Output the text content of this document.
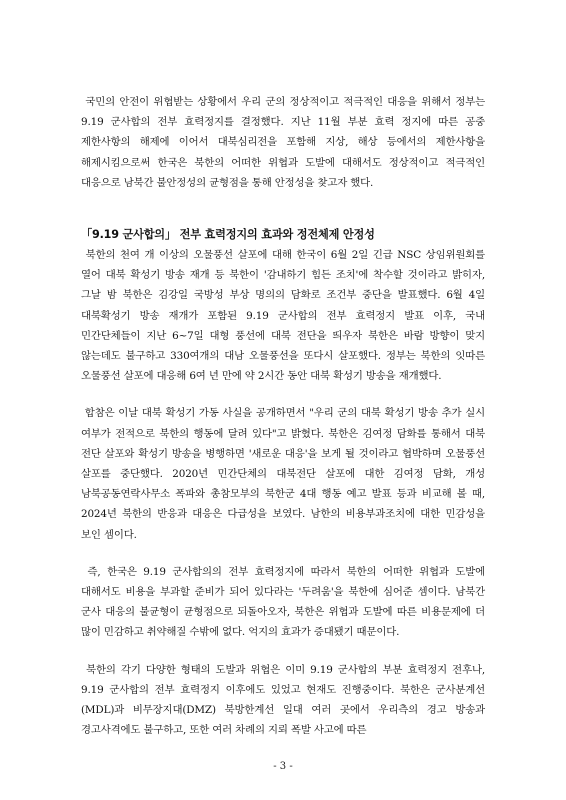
국민의 안전이 위협받는 상황에서 우리 군의 정상적이고 적극적인 대응을 위해서 정부는 9.19 군사합의 전부 효력정지를 결정했다. 지난 11월 부분 효력 정지에 따른 공중 제한사항의 해제에 이어서 대북심리전을 포함해 지상, 해상 등에서의 제한사항을 해제시킴으로써 한국은 북한의 어떠한 위협과 도발에 대해서도 정상적이고 적극적인 대응으로 남북간 불안정성의 균형점을 통해 안정성을 찾고자 했다.

「9.19 군사합의」 전부 효력정지의 효과와 정전체제 안정성

북한의 천여 개 이상의 오물풍선 살포에 대해 한국이 6월 2일 긴급 NSC 상임위원회를 열어 대북 확성기 방송 재개 등 북한이 '감내하기 힘든 조치'에 착수할 것이라고 밝히자, 그날 밤 북한은 김강일 국방성 부상 명의의 담화로 조건부 중단을 발표했다. 6월 4일 대북확성기 방송 재개가 포함된 9.19 군사합의 전부 효력정지 발표 이후, 국내 민간단체들이 지난 6~7일 대형 풍선에 대북 전단을 띄우자 북한은 바람 방향이 맞지 않는데도 불구하고 330여개의 대남 오물풍선을 또다시 살포했다. 정부는 북한의 잇따른 오물풍선 살포에 대응해 6여 년 만에 약 2시간 동안 대북 확성기 방송을 재개했다.

합참은 이날 대북 확성기 가동 사실을 공개하면서 "우리 군의 대북 확성기 방송 추가 실시 여부가 전적으로 북한의 행동에 달려 있다"고 밝혔다. 북한은 김여정 담화를 통해서 대북 전단 살포와 확성기 방송을 병행하면 '새로운 대응'을 보게 될 것이라고 협박하며 오물풍선 살포를 중단했다. 2020년 민간단체의 대북전단 살포에 대한 김여정 담화, 개성 남북공동연락사무소 폭파와 총참모부의 북한군 4대 행동 예고 발표 등과 비교해 볼 때, 2024년 북한의 반응과 대응은 다급성을 보였다. 남한의 비용부과조치에 대한 민감성을 보인 셈이다.

즉, 한국은 9.19 군사합의의 전부 효력정지에 따라서 북한의 어떠한 위협과 도발에 대해서도 비용을 부과할 준비가 되어 있다라는 '두려움'을 북한에 심어준 셈이다. 남북간 군사 대응의 불균형이 균형점으로 되돌아오자, 북한은 위협과 도발에 따른 비용문제에 더 많이 민감하고 취약해질 수밖에 없다. 억지의 효과가 증대됐기 때문이다.

북한의 각기 다양한 형태의 도발과 위협은 이미 9.19 군사합의 부분 효력정지 전후나, 9.19 군사합의 전부 효력정지 이후에도 있었고 현재도 진행중이다. 북한은 군사분계선(MDL)과 비무장지대(DMZ) 북방한계선 일대 여러 곳에서 우리측의 경고 방송과 경고사격에도 불구하고, 또한 여러 차례의 지뢰 폭발 사고에 따른

- 3 -
